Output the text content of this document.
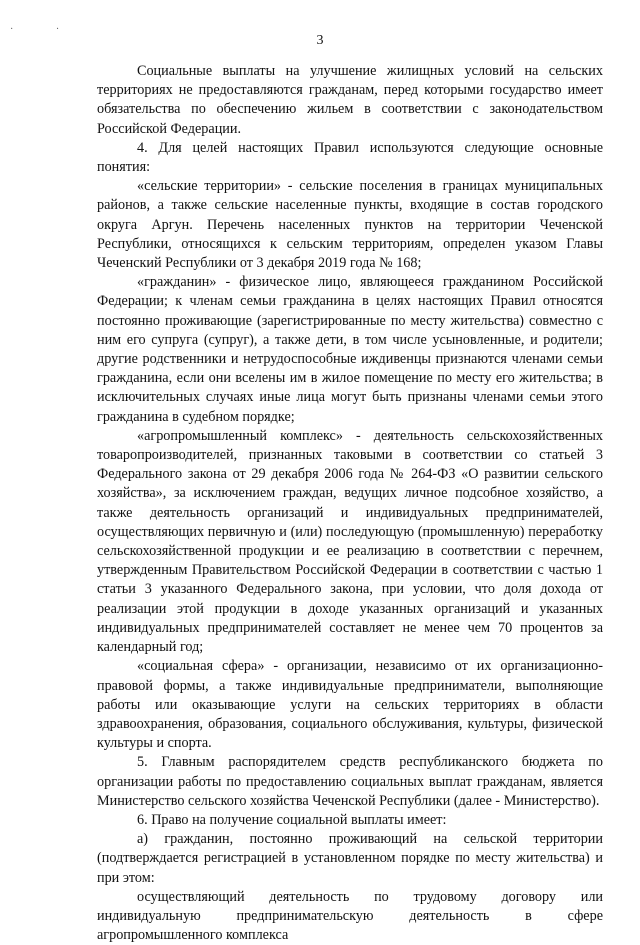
· ·
3

Социальные выплаты на улучшение жилищных условий на сельских территориях не предоставляются гражданам, перед которыми государство имеет обязательства по обеспечению жильем в соответствии с законодательством Российской Федерации.

4. Для целей настоящих Правил используются следующие основные понятия:

«сельские территории» - сельские поселения в границах муниципальных районов, а также сельские населенные пункты, входящие в состав городского округа Аргун. Перечень населенных пунктов на территории Чеченской Республики, относящихся к сельским территориям, определен указом Главы Чеченский Республики от 3 декабря 2019 года № 168;

«гражданин» - физическое лицо, являющееся гражданином Российской Федерации; к членам семьи гражданина в целях настоящих Правил относятся постоянно проживающие (зарегистрированные по месту жительства) совместно с ним его супруга (супруг), а также дети, в том числе усыновленные, и родители; другие родственники и нетрудоспособные иждивенцы признаются членами семьи гражданина, если они вселены им в жилое помещение по месту его жительства; в исключительных случаях иные лица могут быть признаны членами семьи этого гражданина в судебном порядке;

«агропромышленный комплекс» - деятельность сельскохозяйственных товаропроизводителей, признанных таковыми в соответствии со статьей 3 Федерального закона от 29 декабря 2006 года № 264-ФЗ «О развитии сельского хозяйства», за исключением граждан, ведущих личное подсобное хозяйство, а также деятельность организаций и индивидуальных предпринимателей, осуществляющих первичную и (или) последующую (промышленную) переработку сельскохозяйственной продукции и ее реализацию в соответствии с перечнем, утвержденным Правительством Российской Федерации в соответствии с частью 1 статьи 3 указанного Федерального закона, при условии, что доля дохода от реализации этой продукции в доходе указанных организаций и указанных индивидуальных предпринимателей составляет не менее чем 70 процентов за календарный год;

«социальная сфера» - организации, независимо от их организационно-правовой формы, а также индивидуальные предприниматели, выполняющие работы или оказывающие услуги на сельских территориях в области здравоохранения, образования, социального обслуживания, культуры, физической культуры и спорта.

5. Главным распорядителем средств республиканского бюджета по организации работы по предоставлению социальных выплат гражданам, является Министерство сельского хозяйства Чеченской Республики (далее - Министерство).

6. Право на получение социальной выплаты имеет:

а) гражданин, постоянно проживающий на сельской территории (подтверждается регистрацией в установленном порядке по месту жительства) и при этом:

осуществляющий деятельность по трудовому договору или индивидуальную предпринимательскую деятельность в сфере агропромышленного комплекса
